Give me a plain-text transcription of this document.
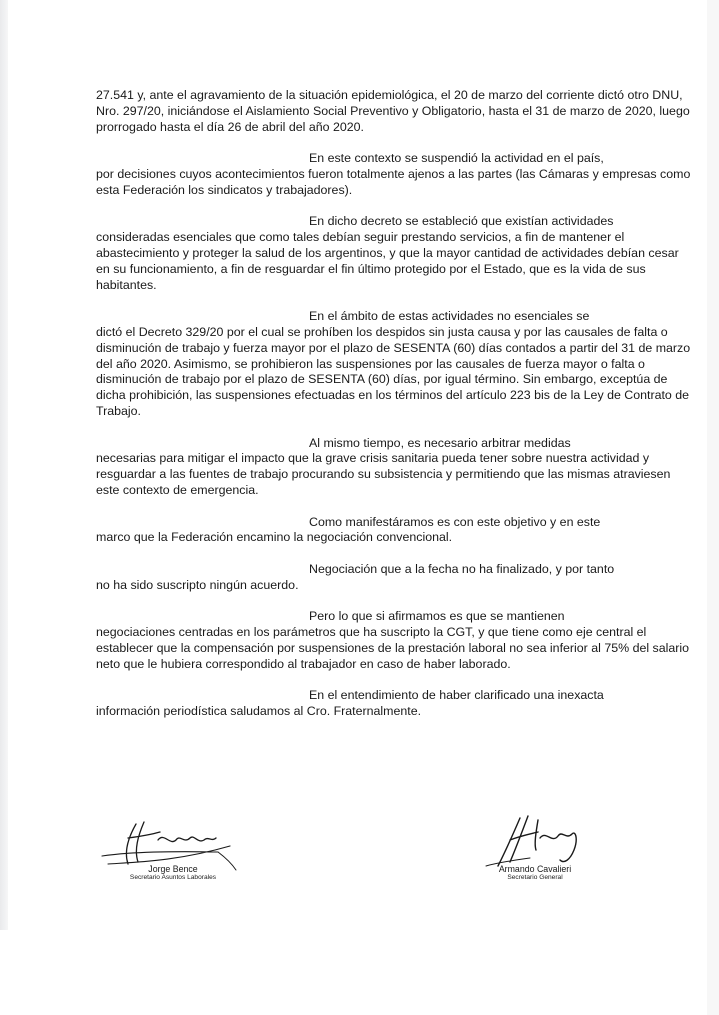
27.541 y, ante el agravamiento de la situación epidemiológica, el 20 de marzo del corriente dictó otro DNU, Nro. 297/20, iniciándose el Aislamiento Social Preventivo y Obligatorio, hasta el 31 de marzo de 2020, luego prorrogado hasta el día 26 de abril del año 2020.

En este contexto se suspendió la actividad en el país,
por decisiones cuyos acontecimientos fueron totalmente ajenos a las partes (las Cámaras y empresas como esta Federación los sindicatos y trabajadores).

En dicho decreto se estableció que existían actividades
consideradas esenciales que como tales debían seguir prestando servicios, a fin de mantener el abastecimiento y proteger la salud de los argentinos, y que la mayor cantidad de actividades debían cesar en su funcionamiento, a fin de resguardar el fin último protegido por el Estado, que es la vida de sus habitantes.

En el ámbito de estas actividades no esenciales se
dictó el Decreto 329/20 por el cual se prohíben los despidos sin justa causa y por las causales de falta o disminución de trabajo y fuerza mayor por el plazo de SESENTA (60) días contados a partir del 31 de marzo del año 2020. Asimismo, se prohibieron las suspensiones por las causales de fuerza mayor o falta o disminución de trabajo por el plazo de SESENTA (60) días, por igual término. Sin embargo, exceptúa de dicha prohibición, las suspensiones efectuadas en los términos del artículo 223 bis de la Ley de Contrato de Trabajo.

Al mismo tiempo, es necesario arbitrar medidas
necesarias para mitigar el impacto que la grave crisis sanitaria pueda tener sobre nuestra actividad y resguardar a las fuentes de trabajo procurando su subsistencia y permitiendo que las mismas atraviesen este contexto de emergencia.

Como manifestáramos es con este objetivo y en este
marco que la Federación encamino la negociación convencional.

Negociación que a la fecha no ha finalizado, y por tanto
no ha sido suscripto ningún acuerdo.

Pero lo que si afirmamos es que se mantienen
negociaciones centradas en los parámetros que ha suscripto la CGT, y que tiene como eje central el establecer que la compensación por suspensiones de la prestación laboral no sea inferior al 75% del salario neto que le hubiera correspondido al trabajador en caso de haber laborado.

En el entendimiento de haber clarificado una inexacta
información periodística saludamos al Cro. Fraternalmente.

Jorge Bence
Secretario Asuntos Laborales
Armando Cavalieri
Secretario General
